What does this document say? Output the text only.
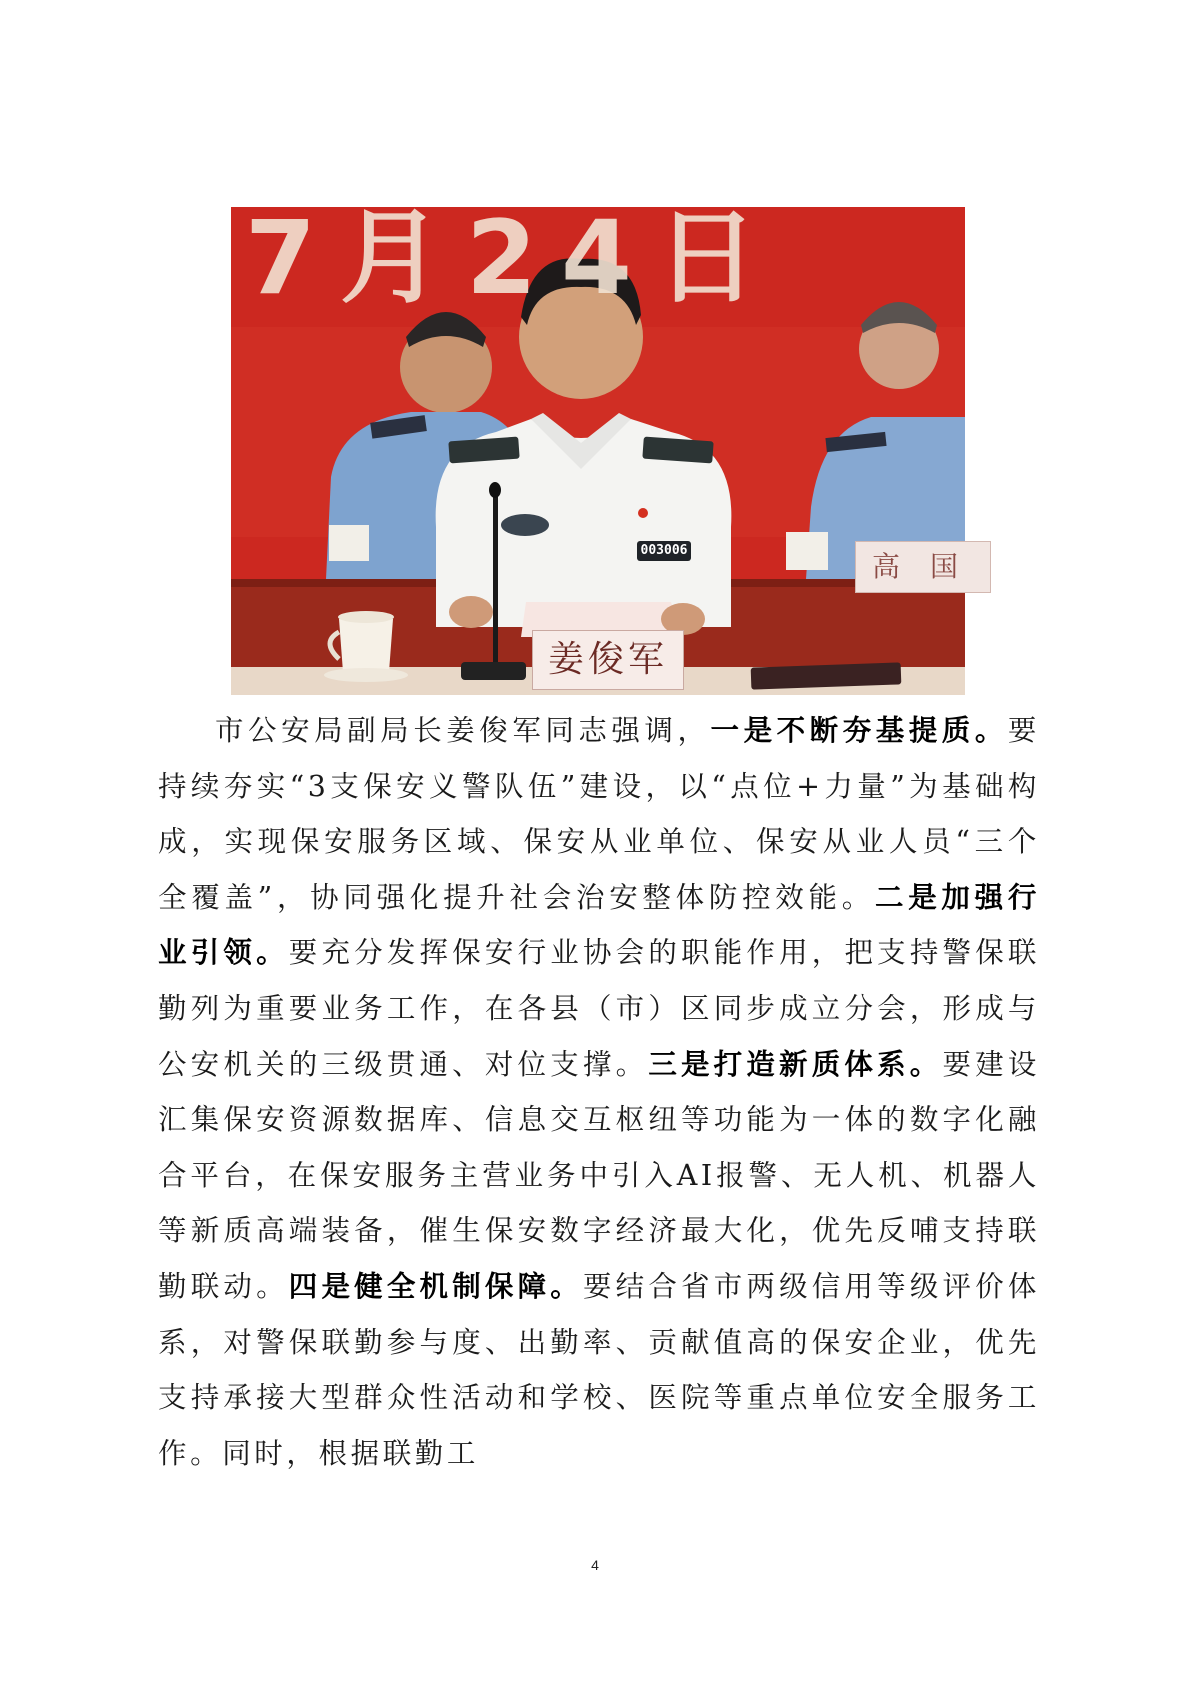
7月24日
003006
姜俊军
高国

市公安局副局长姜俊军同志强调，一是不断夯基提质。要持续夯实“3支保安义警队伍”建设，以“点位+力量”为基础构成，实现保安服务区域、保安从业单位、保安从业人员“三个全覆盖”，协同强化提升社会治安整体防控效能。二是加强行业引领。要充分发挥保安行业协会的职能作用，把支持警保联勤列为重要业务工作，在各县（市）区同步成立分会，形成与公安机关的三级贯通、对位支撑。三是打造新质体系。要建设汇集保安资源数据库、信息交互枢纽等功能为一体的数字化融合平台，在保安服务主营业务中引入AI报警、无人机、机器人等新质高端装备，催生保安数字经济最大化，优先反哺支持联勤联动。四是健全机制保障。要结合省市两级信用等级评价体系，对警保联勤参与度、出勤率、贡献值高的保安企业，优先支持承接大型群众性活动和学校、医院等重点单位安全服务工作。同时，根据联勤工

4
